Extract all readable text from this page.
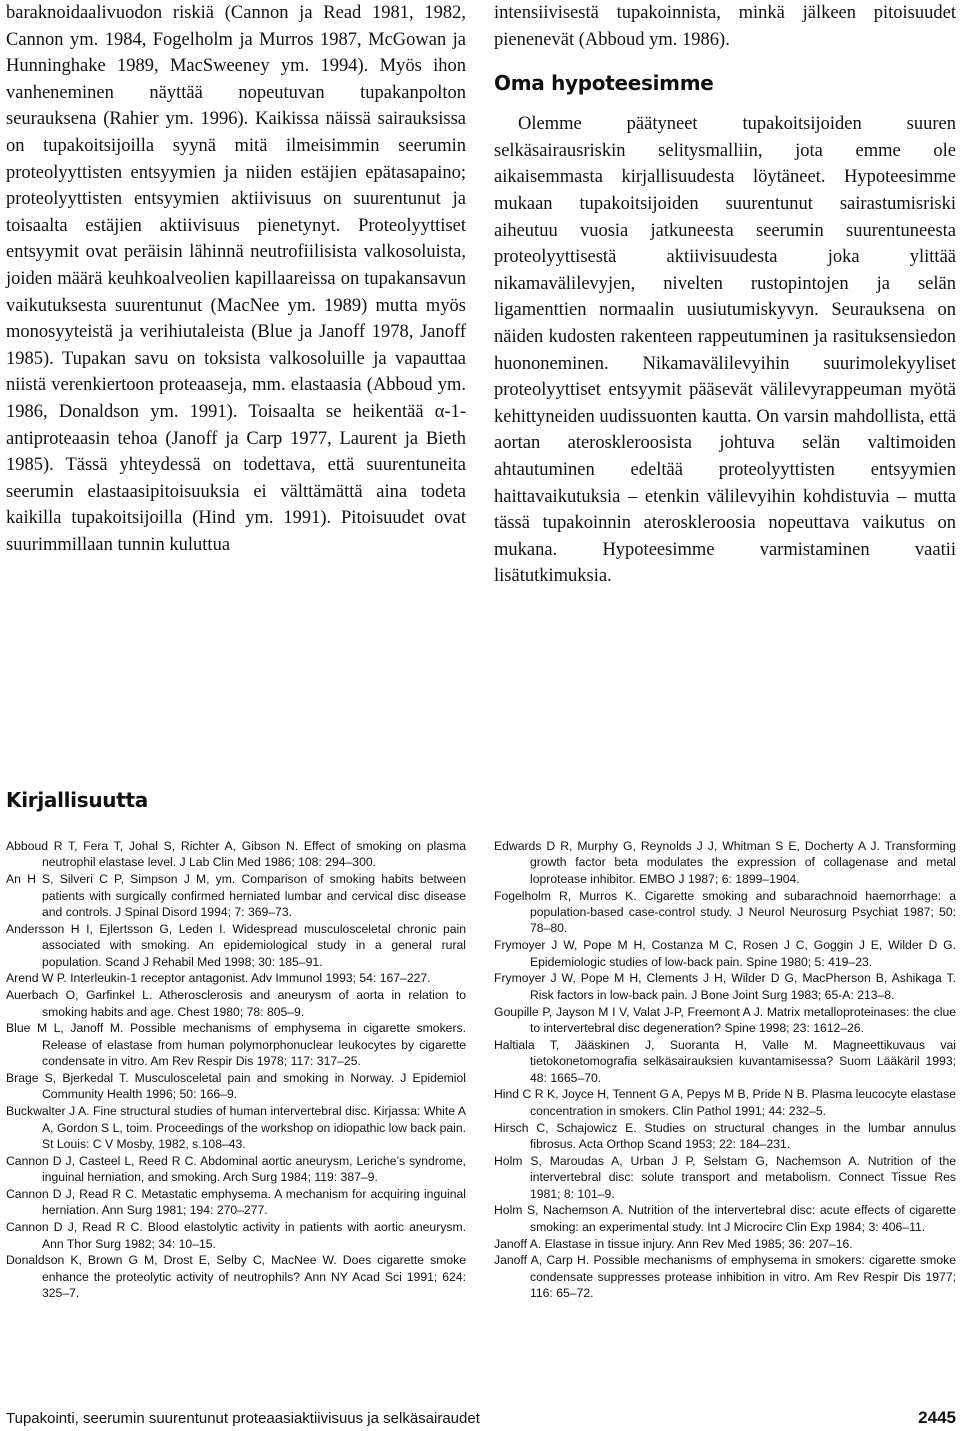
baraknoidaalivuodon riskiä (Cannon ja Read 1981, 1982, Cannon ym. 1984, Fogelholm ja Murros 1987, McGowan ja Hunninghake 1989, MacSweeney ym. 1994). Myös ihon vanheneminen näyttää nopeutuvan tupakanpolton seurauksena (Rahier ym. 1996). Kaikissa näissä sairauksissa on tupakoitsijoilla syynä mitä ilmeisimmin seerumin proteolyyttisten entsyymien ja niiden estäjien epätasapaino; proteolyyttisten entsyymien aktiivisuus on suurentunut ja toisaalta estäjien aktiivisuus pienetynyt. Proteolyyttiset entsyymit ovat peräisin lähinnä neutrofiilisista valkosoluista, joiden määrä keuhkoalveolien kapillaareissa on tupakansavun vaikutuksesta suurentunut (MacNee ym. 1989) mutta myös monosyyteistä ja verihiutaleista (Blue ja Janoff 1978, Janoff 1985). Tupakan savu on toksista valkosoluille ja vapauttaa niistä verenkiertoon proteaaseja, mm. elastaasia (Abboud ym. 1986, Donaldson ym. 1991). Toisaalta se heikentää α-1-antiproteaasin tehoa (Janoff ja Carp 1977, Laurent ja Bieth 1985). Tässä yhteydessä on todettava, että suurentuneita seerumin elastaasipitoisuuksia ei välttämättä aina todeta kaikilla tupakoitsijoilla (Hind ym. 1991). Pitoisuudet ovat suurimmillaan tunnin kuluttua

intensiivisestä tupakoinnista, minkä jälkeen pitoisuudet pienenevät (Abboud ym. 1986).

Oma hypoteesimme

Olemme päätyneet tupakoitsijoiden suuren selkäsairausriskin selitysmalliin, jota emme ole aikaisemmasta kirjallisuudesta löytäneet. Hypoteesimme mukaan tupakoitsijoiden suurentunut sairastumisriski aiheutuu vuosia jatkuneesta seerumin suurentuneesta proteolyyttisestä aktiivisuudesta joka ylittää nikamavälilevyjen, nivelten rustopintojen ja selän ligamenttien normaalin uusiutumiskyvyn. Seurauksena on näiden kudosten rakenteen rappeutuminen ja rasituksensiedon huononeminen. Nikamavälilevyihin suurimolekyyliset proteolyyttiset entsyymit pääsevät välilevyrappeuman myötä kehittyneiden uudissuonten kautta. On varsin mahdollista, että aortan ateroskleroosista johtuva selän valtimoiden ahtautuminen edeltää proteolyyttisten entsyymien haittavaikutuksia – etenkin välilevyihin kohdistuvia – mutta tässä tupakoinnin ateroskleroosia nopeuttava vaikutus on mukana. Hypoteesimme varmistaminen vaatii lisätutkimuksia.

Kirjallisuutta

Abboud R T, Fera T, Johal S, Richter A, Gibson N. Effect of smoking on plasma neutrophil elastase level. J Lab Clin Med 1986; 108: 294–300.

An H S, Silveri C P, Simpson J M, ym. Comparison of smoking habits between patients with surgically confirmed herniated lumbar and cervical disc disease and controls. J Spinal Disord 1994; 7: 369–73.

Andersson H I, Ejlertsson G, Leden I. Widespread musculosceletal chronic pain associated with smoking. An epidemiological study in a general rural population. Scand J Rehabil Med 1998; 30: 185–91.

Arend W P. Interleukin-1 receptor antagonist. Adv Immunol 1993; 54: 167–227.

Auerbach O, Garfinkel L. Atherosclerosis and aneurysm of aorta in relation to smoking habits and age. Chest 1980; 78: 805–9.

Blue M L, Janoff M. Possible mechanisms of emphysema in cigarette smokers. Release of elastase from human polymorphonuclear leukocytes by cigarette condensate in vitro. Am Rev Respir Dis 1978; 117: 317–25.

Brage S, Bjerkedal T. Musculosceletal pain and smoking in Norway. J Epidemiol Community Health 1996; 50: 166–9.

Buckwalter J A. Fine structural studies of human intervertebral disc. Kirjassa: White A A, Gordon S L, toim. Proceedings of the workshop on idiopathic low back pain. St Louis: C V Mosby, 1982, s.108–43.

Cannon D J, Casteel L, Reed R C. Abdominal aortic aneurysm, Leriche’s syndrome, inguinal herniation, and smoking. Arch Surg 1984; 119: 387–9.

Cannon D J, Read R C. Metastatic emphysema. A mechanism for acquiring inguinal herniation. Ann Surg 1981; 194: 270–277.

Cannon D J, Read R C. Blood elastolytic activity in patients with aortic aneurysm. Ann Thor Surg 1982; 34: 10–15.

Donaldson K, Brown G M, Drost E, Selby C, MacNee W. Does cigarette smoke enhance the proteolytic activity of neutrophils? Ann NY Acad Sci 1991; 624: 325–7.

Edwards D R, Murphy G, Reynolds J J, Whitman S E, Docherty A J. Transforming growth factor beta modulates the expression of collagenase and metal loprotease inhibitor. EMBO J 1987; 6: 1899–1904.

Fogelholm R, Murros K. Cigarette smoking and subarachnoid haemorrhage: a population-based case-control study. J Neurol Neurosurg Psychiat 1987; 50: 78–80.

Frymoyer J W, Pope M H, Costanza M C, Rosen J C, Goggin J E, Wilder D G. Epidemiologic studies of low-back pain. Spine 1980; 5: 419–23.

Frymoyer J W, Pope M H, Clements J H, Wilder D G, MacPherson B, Ashikaga T. Risk factors in low-back pain. J Bone Joint Surg 1983; 65-A: 213–8.

Goupille P, Jayson M I V, Valat J-P, Freemont A J. Matrix metalloproteinases: the clue to intervertebral disc degeneration? Spine 1998; 23: 1612–26.

Haltiala T, Jääskinen J, Suoranta H, Valle M. Magneettikuvaus vai tietokonetomografia selkäsairauksien kuvantamisessa? Suom Lääkäril 1993; 48: 1665–70.

Hind C R K, Joyce H, Tennent G A, Pepys M B, Pride N B. Plasma leucocyte elastase concentration in smokers. Clin Pathol 1991; 44: 232–5.

Hirsch C, Schajowicz E. Studies on structural changes in the lumbar annulus fibrosus. Acta Orthop Scand 1953; 22: 184–231.

Holm S, Maroudas A, Urban J P, Selstam G, Nachemson A. Nutrition of the intervertebral disc: solute transport and metabolism. Connect Tissue Res 1981; 8: 101–9.

Holm S, Nachemson A. Nutrition of the intervertebral disc: acute effects of cigarette smoking: an experimental study. Int J Microcirc Clin Exp 1984; 3: 406–11.

Janoff A. Elastase in tissue injury. Ann Rev Med 1985; 36: 207–16.

Janoff A, Carp H. Possible mechanisms of emphysema in smokers: cigarette smoke condensate suppresses protease inhibition in vitro. Am Rev Respir Dis 1977; 116: 65–72.

Tupakointi, seerumin suurentunut proteaasiaktiivisuus ja selkäsairaudet	2445
